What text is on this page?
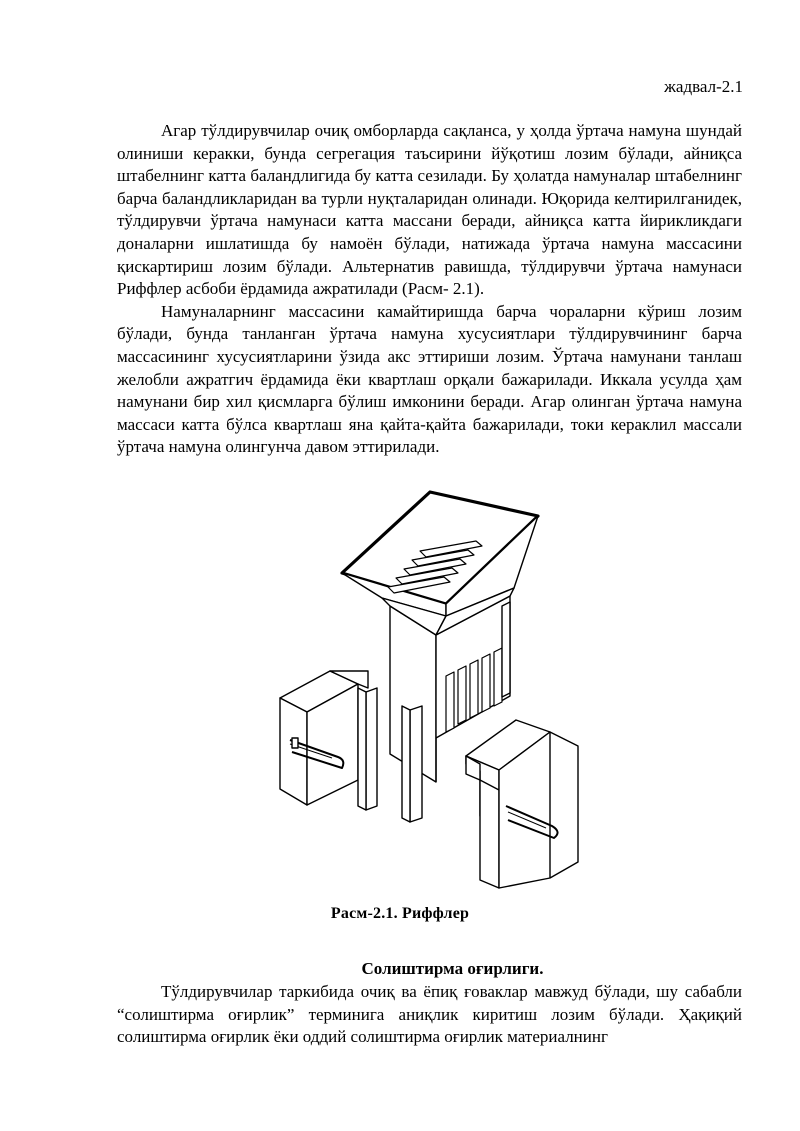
жадвал-2.1

Агар тўлдирувчилар очиқ омборларда сақланса, у ҳолда ўртача намуна шундай олиниши керакки, бунда сегрегация таъсирини йўқотиш лозим бўлади, айниқса штабелнинг катта баландлигида бу катта сезилади. Бу ҳолатда намуналар штабелнинг барча баландликларидан ва турли нуқталаридан олинади. Юқорида келтирилганидек, тўлдирувчи ўртача намунаси катта массани беради, айниқса катта йирикликдаги доналарни ишлатишда бу намоён бўлади, натижада ўртача намуна массасини қискартириш лозим бўлади. Альтернатив равишда, тўлдирувчи ўртача намунаси Риффлер асбоби ёрдамида ажратилади (Расм- 2.1).

Намуналарнинг массасини камайтиришда барча чораларни кўриш лозим бўлади, бунда танланган ўртача намуна хусусиятлари тўлдирувчининг барча массасининг хусусиятларини ўзида акс эттириши лозим. Ўртача намунани танлаш желобли ажратгич ёрдамида ёки квартлаш орқали бажарилади. Иккала усулда ҳам намунани бир хил қисмларга бўлиш имконини беради. Агар олинган ўртача намуна массаси катта бўлса квартлаш яна қайта-қайта бажарилади, токи кераклил массали ўртача намуна олингунча давом эттирилади.

Расм-2.1. Риффлер
Солиштирма оғирлиги.

Тўлдирувчилар таркибида очиқ ва ёпиқ ғоваклар мавжуд бўлади, шу сабабли “солиштирма оғирлик” терминига аниқлик киритиш лозим бўлади. Ҳақиқий солиштирма оғирлик ёки оддий солиштирма оғирлик материалнинг
